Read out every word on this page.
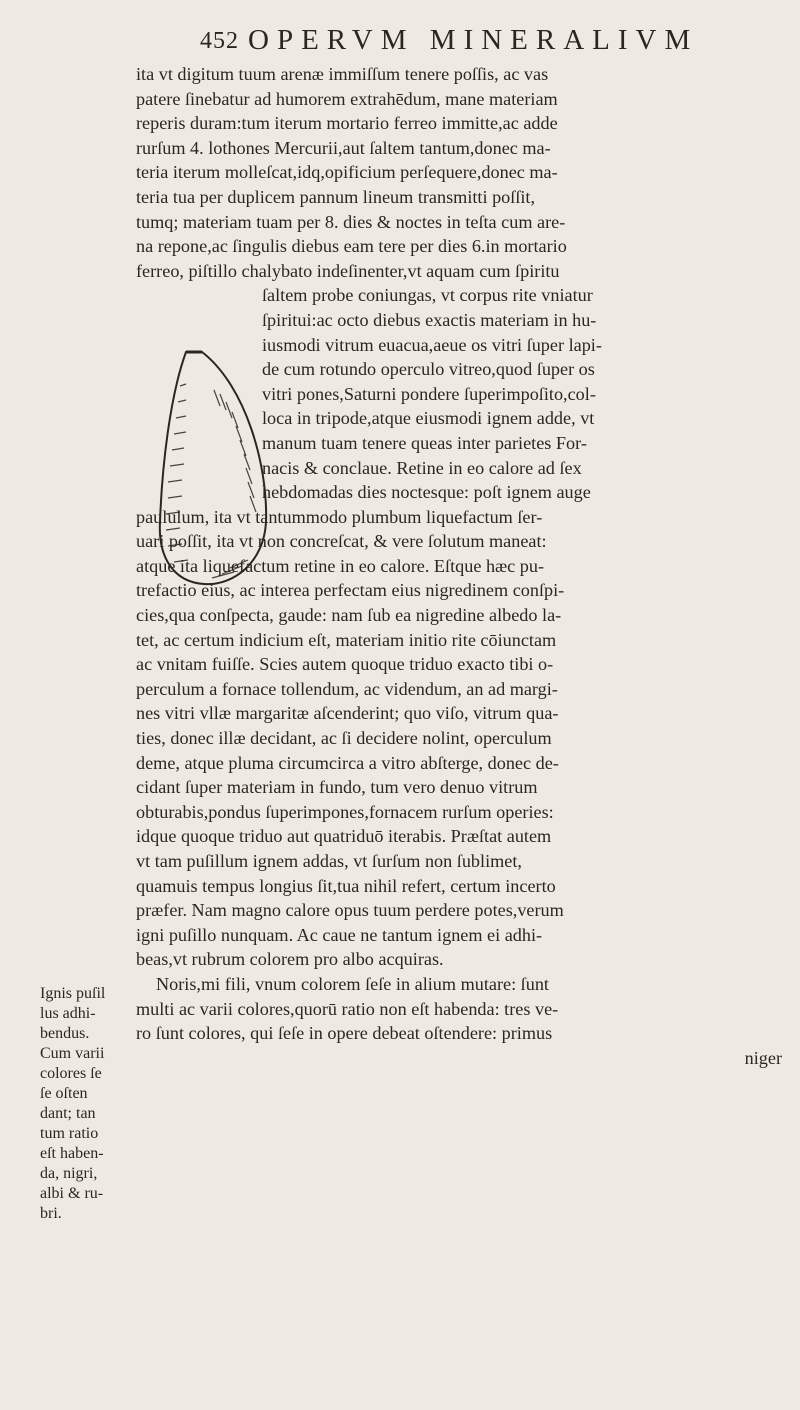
452 OPERVM MINERALIVM
ita vt digitum tuum arenæ immiſſum tenere poſſis, ac vas
patere ſinebatur ad humorem extrahēdum, mane materiam
reperis duram:tum iterum mortario ferreo immitte,ac adde
rurſum 4. lothones Mercurii,aut ſaltem tantum,donec ma-
teria iterum molleſcat,idq,opificium perſequere,donec ma-
teria tua per duplicem pannum lineum transmitti poſſit,
tumq; materiam tuam per 8. dies & noctes in teſta cum are-
na repone,ac ſingulis diebus eam tere per dies 6.in mortario
ferreo, piſtillo chalybato indeſinenter,vt aquam cum ſpiritu
ſaltem probe coniungas, vt corpus rite vniatur
ſpiritui:ac octo diebus exactis materiam in hu-
iusmodi vitrum euacua,aeue os vitri ſuper lapi-
de cum rotundo operculo vitreo,quod ſuper os
vitri pones,Saturni pondere ſuperimpoſito,col-
loca in tripode,atque eiusmodi ignem adde, vt
manum tuam tenere queas inter parietes For-
nacis & conclaue. Retine in eo calore ad ſex
hebdomadas dies noctesque: poſt ignem auge
paululum, ita vt tantummodo plumbum liquefactum ſer-
uari poſſit, ita vt non concreſcat, & vere ſolutum maneat:
atque ita liquefactum retine in eo calore. Eſtque hæc pu-
trefactio eius, ac interea perfectam eius nigredinem conſpi-
cies,qua conſpecta, gaude: nam ſub ea nigredine albedo la-
tet, ac certum indicium eſt, materiam initio rite cōiunctam
ac vnitam fuiſſe. Scies autem quoque triduo exacto tibi o-
perculum a fornace tollendum, ac videndum, an ad margi-
nes vitri vllæ margaritæ aſcenderint; quo viſo, vitrum qua-
ties, donec illæ decidant, ac ſi decidere nolint, operculum
deme, atque pluma circumcirca a vitro abſterge, donec de-
cidant ſuper materiam in fundo, tum vero denuo vitrum
obturabis,pondus ſuperimpones,fornacem rurſum operies:
idque quoque triduo aut quatriduō iterabis. Præſtat autem
vt tam puſillum ignem addas, vt ſurſum non ſublimet,
quamuis tempus longius ſit,tua nihil refert, certum incerto
præfer. Nam magno calore opus tuum perdere potes,verum
igni puſillo nunquam. Ac caue ne tantum ignem ei adhi-
beas,vt rubrum colorem pro albo acquiras.
Noris,mi fili, vnum colorem ſeſe in alium mutare: ſunt
multi ac varii colores,quorū ratio non eſt habenda: tres ve-
ro ſunt colores, qui ſeſe in opere debeat oſtendere: primus
niger
Ignis puſil
lus adhi-
bendus.
Cum varii
colores ſe
ſe oſten
dant; tan
tum ratio
eſt haben-
da, nigri,
albi & ru-
bri.
